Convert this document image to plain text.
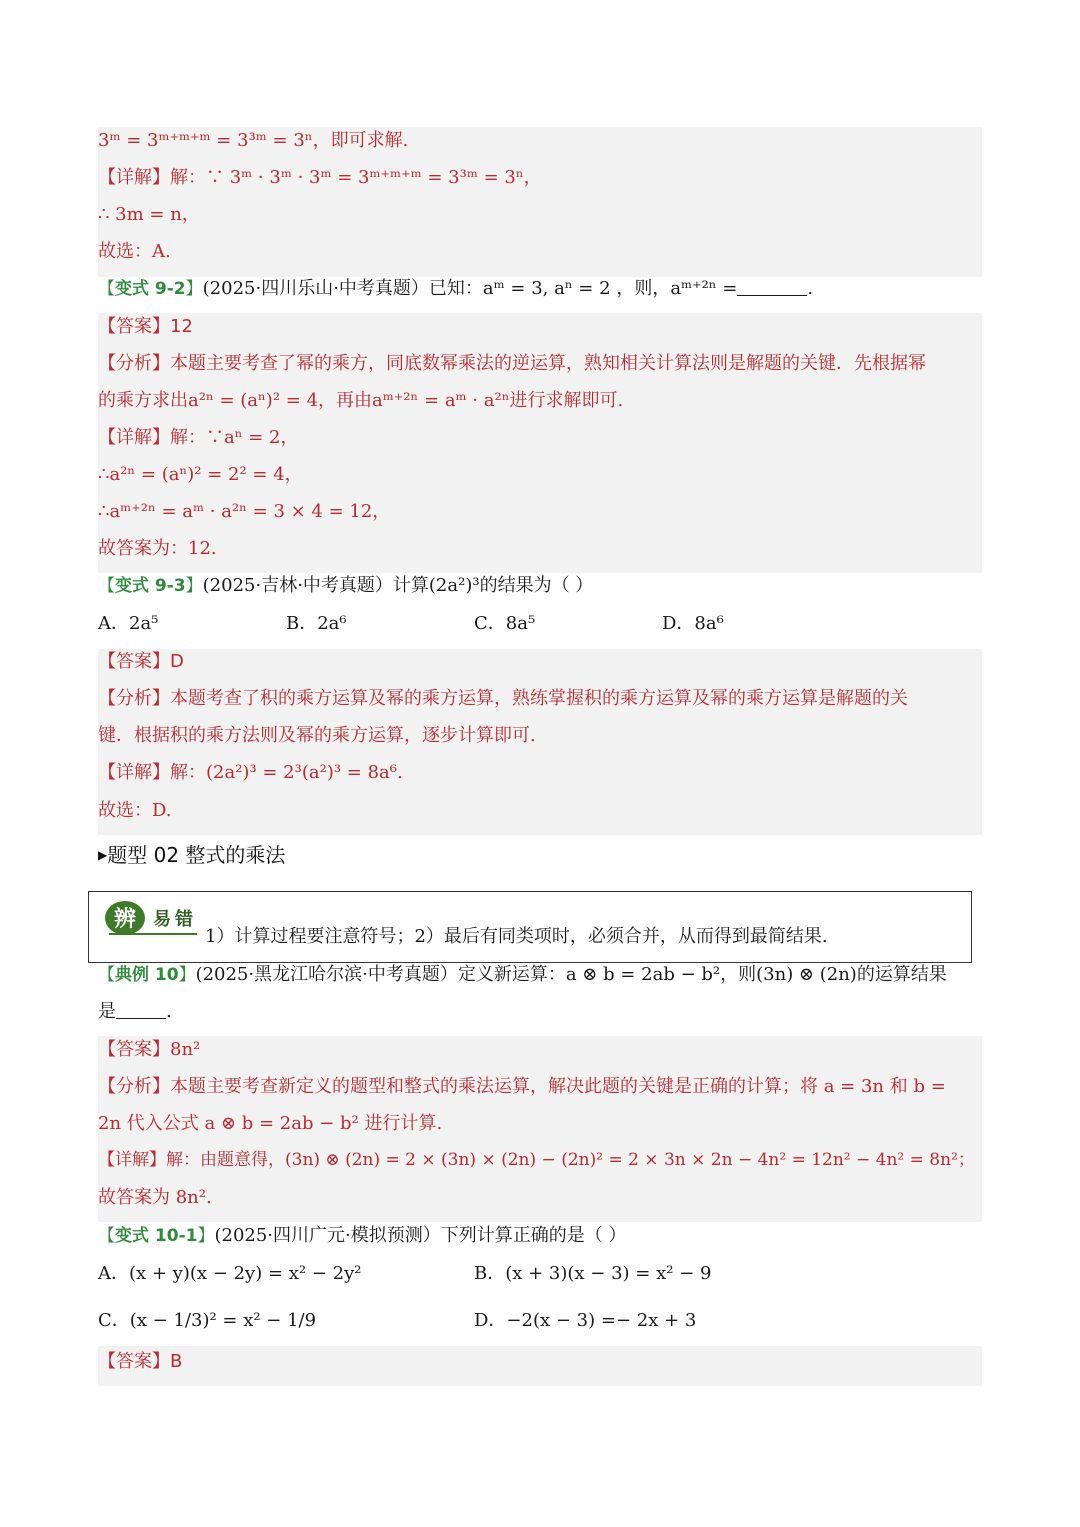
3ᵐ = 3ᵐ⁺ᵐ⁺ᵐ = 3³ᵐ = 3ⁿ，即可求解.
【详解】解：∵ 3ᵐ · 3ᵐ · 3ᵐ = 3ᵐ⁺ᵐ⁺ᵐ = 3³ᵐ = 3ⁿ，
∴ 3m = n，
故选：A.
【变式 9-2】(2025·四川乐山·中考真题）已知：aᵐ = 3, aⁿ = 2 ，则，aᵐ⁺²ⁿ =	.
【答案】12
【分析】本题主要考查了幂的乘方，同底数幂乘法的逆运算，熟知相关计算法则是解题的关键．先根据幂
的乘方求出a²ⁿ = (aⁿ)² = 4，再由aᵐ⁺²ⁿ = aᵐ · a²ⁿ进行求解即可.
【详解】解：∵aⁿ = 2，
∴a²ⁿ = (aⁿ)² = 2² = 4，
∴aᵐ⁺²ⁿ = aᵐ · a²ⁿ = 3 × 4 = 12，
故答案为：12.
【变式 9-3】(2025·吉林·中考真题）计算(2a²)³的结果为（ ）
A．2a⁵	B．2a⁶	C．8a⁵	D．8a⁶
【答案】D
【分析】本题考查了积的乘方运算及幂的乘方运算，熟练掌握积的乘方运算及幂的乘方运算是解题的关
键．根据积的乘方法则及幂的乘方运算，逐步计算即可.
【详解】解：(2a²)³ = 2³(a²)³ = 8a⁶.
故选：D.
▶题型 02 整式的乘法
辨 易 错
1）计算过程要注意符号；2）最后有同类项时，必须合并，从而得到最简结果.
【典例 10】(2025·黑龙江哈尔滨·中考真题）定义新运算：a ⊗ b = 2ab − b²，则(3n) ⊗ (2n)的运算结果
是	.
【答案】8n²
【分析】本题主要考查新定义的题型和整式的乘法运算，解决此题的关键是正确的计算；将 a = 3n 和 b =
2n 代入公式 a ⊗ b = 2ab − b² 进行计算.
【详解】解：由题意得，(3n) ⊗ (2n) = 2 × (3n) × (2n) − (2n)² = 2 × 3n × 2n − 4n² = 12n² − 4n² = 8n²；
故答案为 8n².
【变式 10-1】(2025·四川广元·模拟预测）下列计算正确的是（ ）
A．(x + y)(x − 2y) = x² − 2y²	B．(x + 3)(x − 3) = x² − 9
C．(x − 1/3)² = x² − 1/9	D．−2(x − 3) =− 2x + 3
【答案】B
